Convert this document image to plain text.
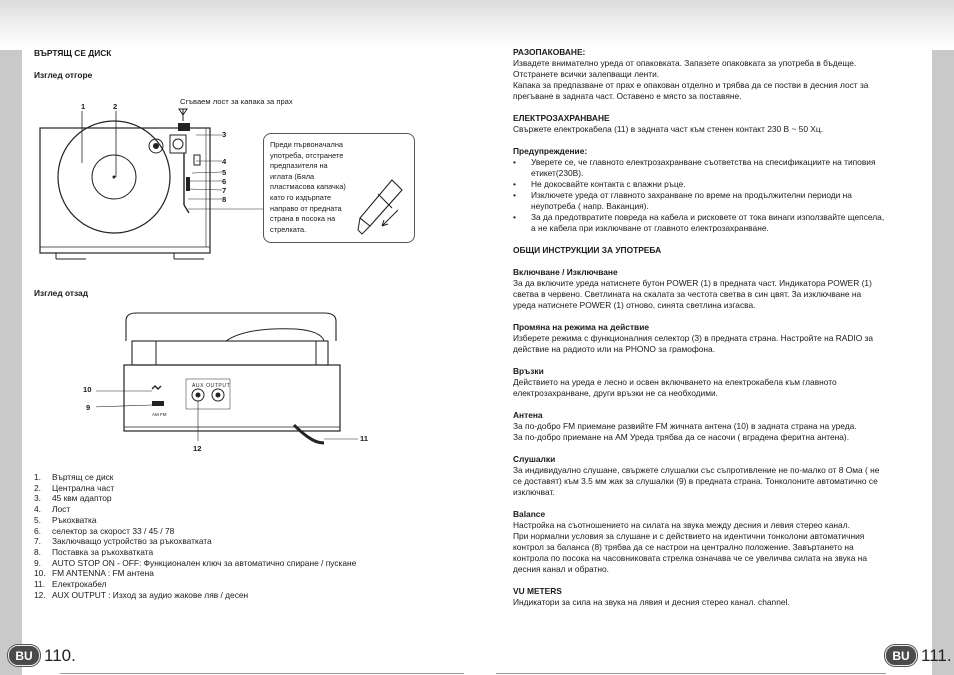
ВЪРТЯЩ СЕ ДИСК
Изглед отгоре
1	2
Сгъваем лост за капака за прах
3
4
5
6
7
8
Преди първоначална употреба, отстранете предпазителя на иглата (Бяла пластмасова капачка) като го издърпате направо от предната страна в посока на стрелката.
Изглед отзад
10
9
12
11
AUX OUTPUT
AM FM
1.	Въртящ се диск
2.	Централна част
3.	45 квм адаптор
4.	Лост
5.	Ръкохватка
6.	селектор за скорост 33 / 45 / 78
7.	Заключващо устройство за ръкохватката
8.	Поставка за ръкохватката
9.	AUTO STOP ON - OFF: Функционален ключ за автоматично спиране / пускане
10. FM ANTENNA : FM антена
11. Електрокабел
12. AUX OUTPUT : Изход за аудио жакове ляв / десен
BU 110.

РАЗОПАКОВАНЕ:

Извадете внимателно уреда от опаковката. Запазете опаковката за употреба в бъдеще.

Отстранете всички залепващи ленти.

Капака за предпазване от прах е опакован отделно и трябва да се постви в десния лост за

прегъване в задната част. Оставено е място за поставяне.

ЕЛЕКТРОЗАХРАНВАНЕ

Свържете електрокабела (11) в задната част към стенен контакт 230 В ~ 50 Хц.

Предупреждение:

•	Уверете се, че главното електрозахранване съответства на спесификациите на типовия

етикет(230В).

•	Не докосвайте контакта с влажни ръце.

•	Изключете уреда от главното захранване по време на продължителни периоди на

неупотреба ( напр. Ваканция).

•	За да предотвратите повреда на кабела и рисковете от тока винаги използвайте щепсела,

а не кабела при изключване от главното електрозахранване.

ОБЩИ ИНСТРУКЦИИ ЗА УПОТРЕБА

Включване / Изключване

За да включите уреда натиснете бутон POWER (1) в предната част. Индикатора POWER (1)

светва в червено. Светлината на скалата за честота светва в син цвят. За изключване на

уреда натиснете POWER (1) отново, синята светлина изгасва.

Промяна на режима на действие

Изберете режима с функционалния селектор (3) в предната страна. Настройте на RADIO за

действие на радиото или на PHONO за грамофона.

Връзки

Действието на уреда е лесно и освен включването на електрокабела към главното

електрозахранване, други връзки не са необходими.

Антена

За по-добро FM приемане развийте FM жичната антена (10) в задната страна на уреда.

За по-добро приемане на АМ Уреда трябва да се насочи ( вградена феритна антена).

Слушалки

За индивидуално слушане, свържете слушалки със съпротивление не по-малко от 8 Ома ( не

се доставят) към 3.5 мм жак за слушалки (9) в предната страна. Тонколоните автоматично се

изключват.

Balance

Настройка на съотношението на силата на звука между десния и левия стерео канал.

При нормални условия за слушане и с действието на идентични тонколони автоматичния

контрол за баланса (8) трябва да се настрои на централно положение. Завъртането на

контрола по посока на часовниковата стрелка означава че се увеличва силата на звука на

десния канал и обратно.

VU METERS

Индикатори за сила на звука на лявия и десния стерео канал. channel.

BU 111.
